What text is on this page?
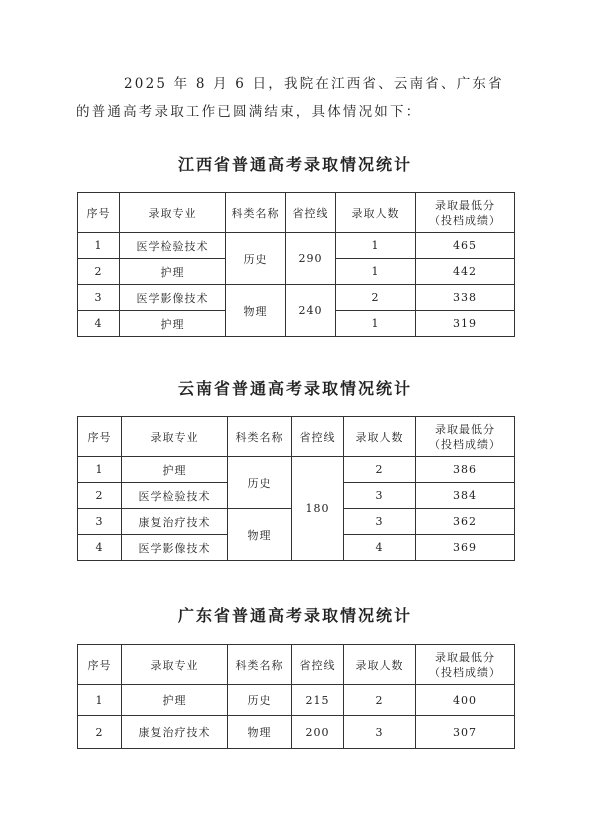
2025 年 8 月 6 日，我院在江西省、云南省、广东省的普通高考录取工作已圆满结束，具体情况如下：
江西省普通高考录取情况统计
序号	录取专业	科类名称	省控线	录取人数	录取最低分
（投档成绩）
1	医学检验技术	历史	290	1	465
2	护理			1	442
3	医学影像技术	物理	240	2	338
4	护理			1	319
云南省普通高考录取情况统计
序号	录取专业	科类名称	省控线	录取人数	录取最低分
（投档成绩）
1	护理	历史	180	2	386
2	医学检验技术			3	384
3	康复治疗技术	物理		3	362
4	医学影像技术			4	369
广东省普通高考录取情况统计
序号	录取专业	科类名称	省控线	录取人数	录取最低分
（投档成绩）
1	护理	历史	215	2	400
2	康复治疗技术	物理	200	3	307
